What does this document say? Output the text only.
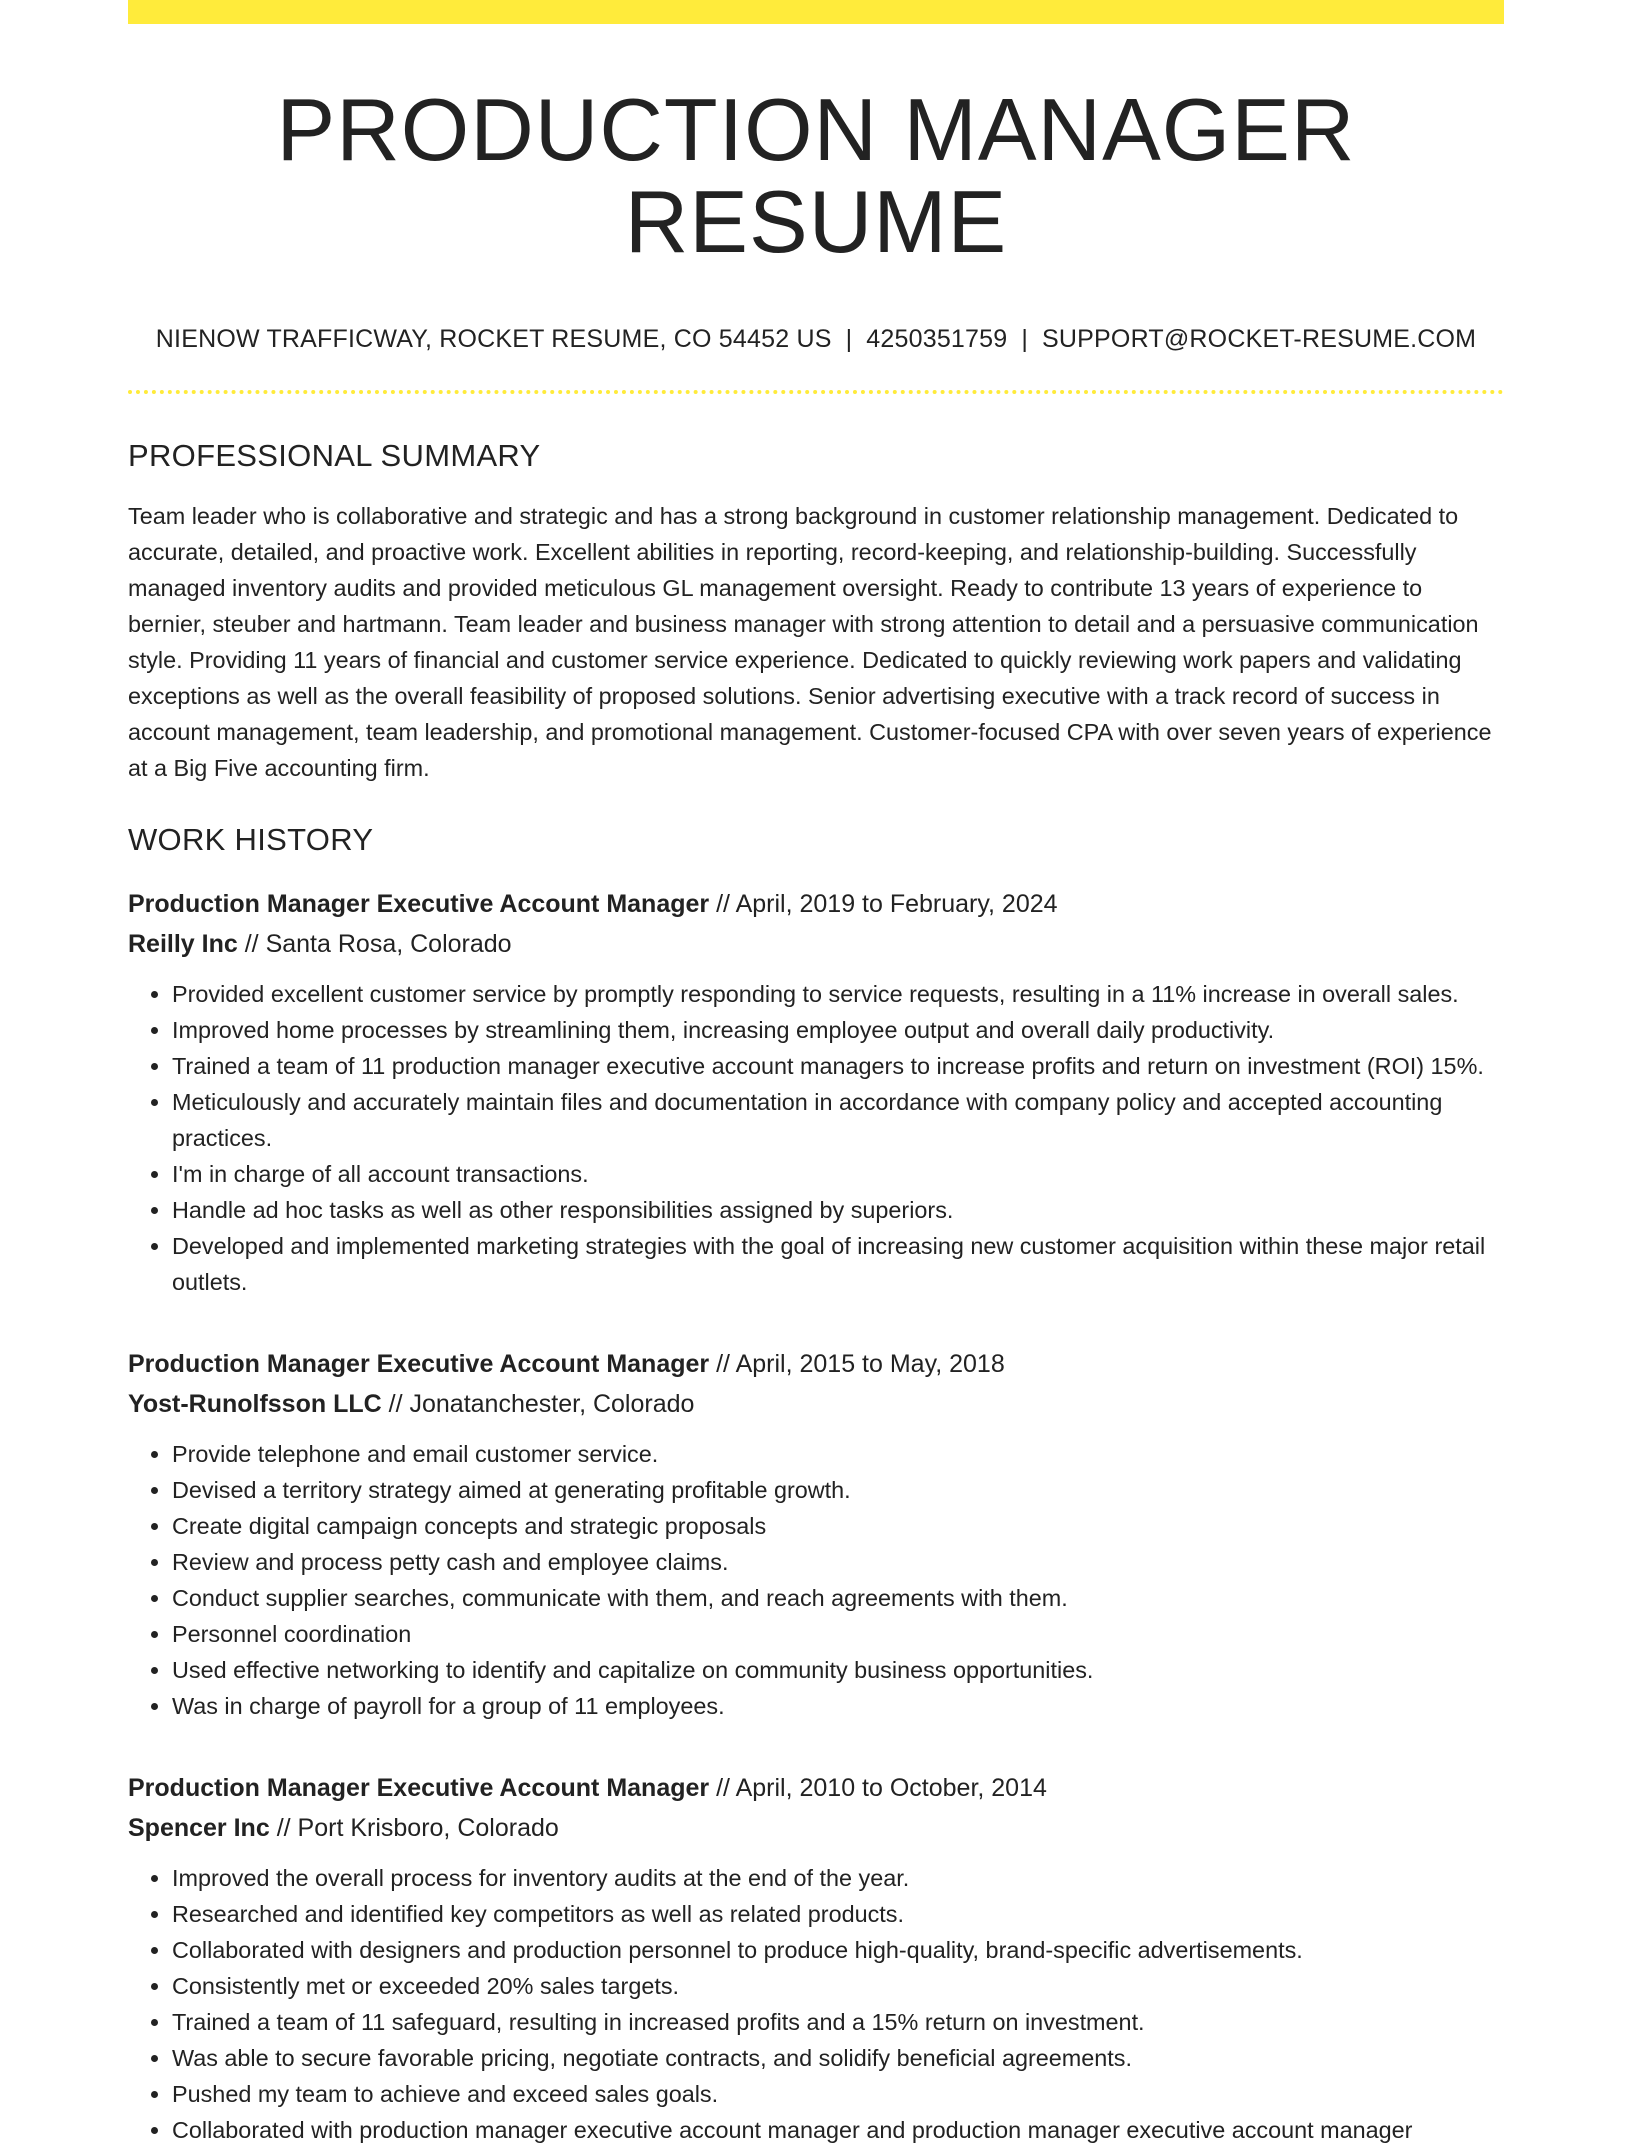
PRODUCTION MANAGER RESUME
NIENOW TRAFFICWAY, ROCKET RESUME, CO 54452 US | 4250351759 | SUPPORT@ROCKET-RESUME.COM
PROFESSIONAL SUMMARY

Team leader who is collaborative and strategic and has a strong background in customer relationship management. Dedicated to accurate, detailed, and proactive work. Excellent abilities in reporting, record-keeping, and relationship-building. Successfully managed inventory audits and provided meticulous GL management oversight. Ready to contribute 13 years of experience to bernier, steuber and hartmann. Team leader and business manager with strong attention to detail and a persuasive communication style. Providing 11 years of financial and customer service experience. Dedicated to quickly reviewing work papers and validating exceptions as well as the overall feasibility of proposed solutions. Senior advertising executive with a track record of success in account management, team leadership, and promotional management. Customer-focused CPA with over seven years of experience at a Big Five accounting firm.

WORK HISTORY
Production Manager Executive Account Manager // April, 2019 to February, 2024
Reilly Inc // Santa Rosa, Colorado
• Provided excellent customer service by promptly responding to service requests, resulting in a 11% increase in overall sales.
• Improved home processes by streamlining them, increasing employee output and overall daily productivity.
• Trained a team of 11 production manager executive account managers to increase profits and return on investment (ROI) 15%.
• Meticulously and accurately maintain files and documentation in accordance with company policy and accepted accounting practices.
• I'm in charge of all account transactions.
• Handle ad hoc tasks as well as other responsibilities assigned by superiors.
• Developed and implemented marketing strategies with the goal of increasing new customer acquisition within these major retail outlets.
Production Manager Executive Account Manager // April, 2015 to May, 2018
Yost-Runolfsson LLC // Jonatanchester, Colorado
• Provide telephone and email customer service.
• Devised a territory strategy aimed at generating profitable growth.
• Create digital campaign concepts and strategic proposals
• Review and process petty cash and employee claims.
• Conduct supplier searches, communicate with them, and reach agreements with them.
• Personnel coordination
• Used effective networking to identify and capitalize on community business opportunities.
• Was in charge of payroll for a group of 11 employees.
Production Manager Executive Account Manager // April, 2010 to October, 2014
Spencer Inc // Port Krisboro, Colorado
• Improved the overall process for inventory audits at the end of the year.
• Researched and identified key competitors as well as related products.
• Collaborated with designers and production personnel to produce high-quality, brand-specific advertisements.
• Consistently met or exceeded 20% sales targets.
• Trained a team of 11 safeguard, resulting in increased profits and a 15% return on investment.
• Was able to secure favorable pricing, negotiate contracts, and solidify beneficial agreements.
• Pushed my team to achieve and exceed sales goals.
• Collaborated with production manager executive account manager and production manager executive account manager
